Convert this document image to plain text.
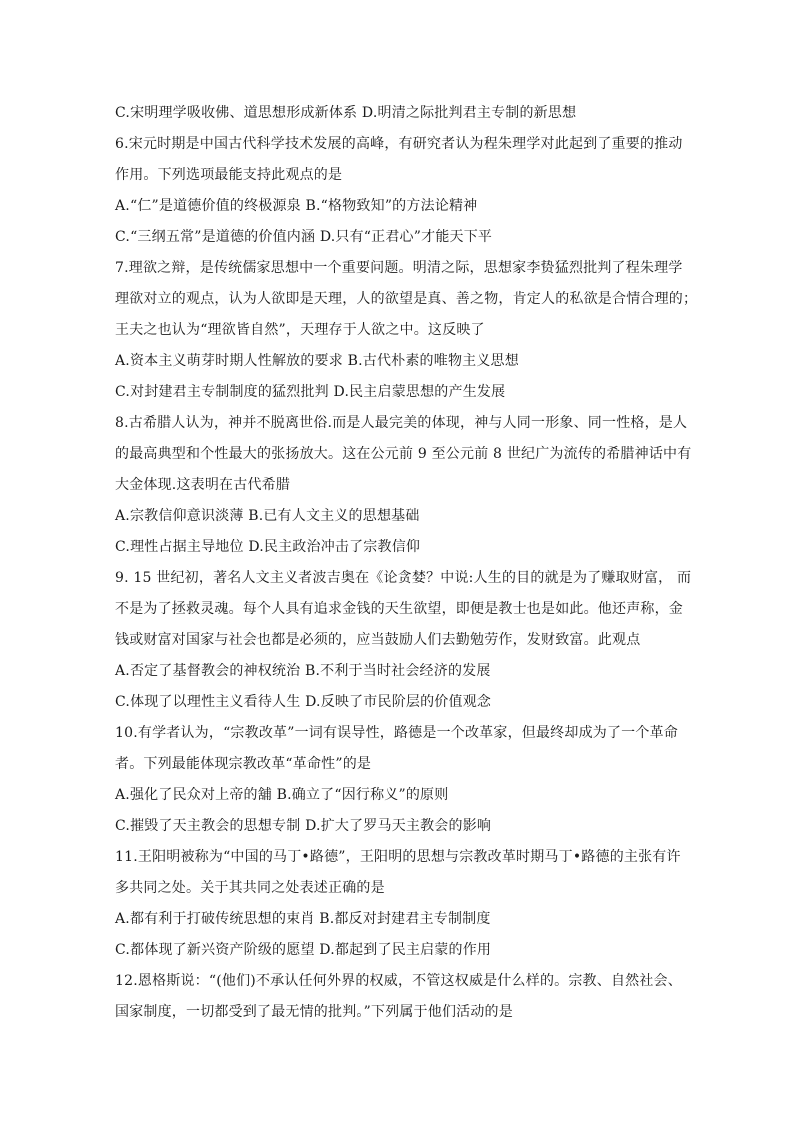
C.宋明理学吸收佛、道思想形成新体系 D.明清之际批判君主专制的新思想
6.宋元时期是中国古代科学技术发展的高峰，有研究者认为程朱理学对此起到了重要的推动
作用。下列选项最能支持此观点的是
A.“仁”是道德价值的终极源泉 B.“格物致知”的方法论精神
C.“三纲五常”是道德的价值内涵 D.只有“正君心”才能天下平
7.理欲之辩，是传统儒家思想中一个重要问题。明清之际，思想家李贽猛烈批判了程朱理学
理欲对立的观点，认为人欲即是天理，人的欲望是真、善之物，肯定人的私欲是合情合理的；
王夫之也认为“理欲皆自然”，天理存于人欲之中。这反映了
A.资本主义萌芽时期人性解放的要求 B.古代朴素的唯物主义思想
C.对封建君主专制制度的猛烈批判 D.民主启蒙思想的产生发展
8.古希腊人认为，神并不脱离世俗.而是人最完美的体现，神与人同一形象、同一性格，是人
的最高典型和个性最大的张扬放大。这在公元前 9 至公元前 8 世纪广为流传的希腊神话中有
大金体现.这表明在古代希腊
A.宗教信仰意识淡薄 B.已有人文主义的思想基础
C.理性占据主导地位 D.民主政治冲击了宗教信仰
9. 15 世纪初，著名人文主义者波吉奥在《论贪婪？中说:人生的目的就是为了赚取财富， 而
不是为了拯救灵魂。每个人具有追求金钱的天生欲望，即便是教士也是如此。他还声称，金
钱或财富对国家与社会也都是必须的，应当鼓励人们去勤勉劳作，发财致富。此观点
A.否定了基督教会的神权统治 B.不利于当时社会经济的发展
C.体现了以理性主义看待人生 D.反映了市民阶层的价值观念
10.有学者认为，“宗教改革”一词有误导性，路德是一个改革家，但最终却成为了一个革命
者。下列最能体现宗教改革“革命性”的是
A.强化了民众对上帝的舖 B.确立了“因行称义”的原则
C.摧毁了天主教会的思想专制 D.扩大了罗马天主教会的影响
11.王阳明被称为“中国的马丁•路德”，王阳明的思想与宗教改革时期马丁•路德的主张有许
多共同之处。关于其共同之处表述正确的是
A.都有利于打破传统思想的束肖 B.都反对封建君主专制制度
C.都体现了新兴资产阶级的愿望 D.都起到了民主启蒙的作用
12.恩格斯说：“(他们)不承认任何外界的权威，不管这权威是什么样的。宗教、自然社会、
国家制度，一切都受到了最无情的批判。”下列属于他们活动的是
